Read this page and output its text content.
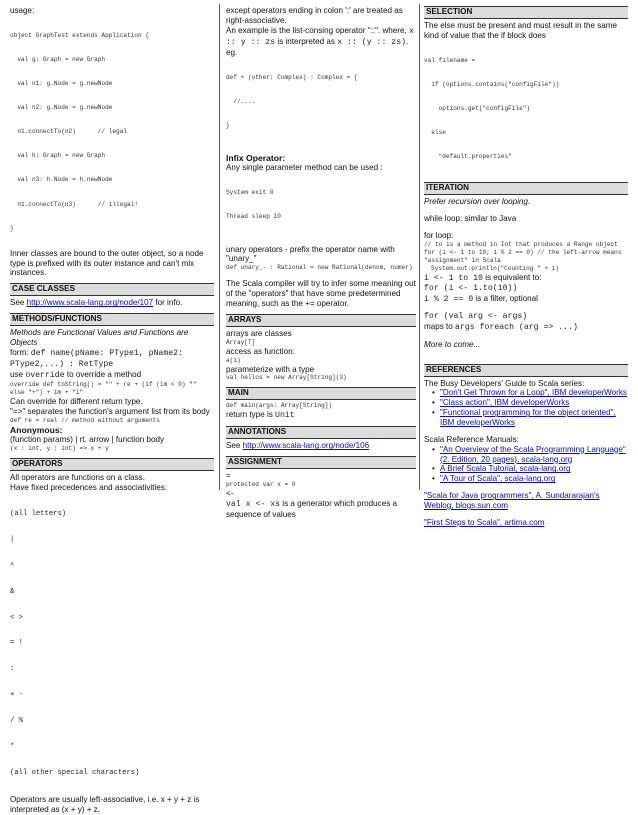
usage:

object GraphTest extends Application {

val g: Graph = new Graph

val n1: g.Node = g.newNode

val n2: g.Node = g.newNode

n1.connectTo(n2)      // legal

val h: Graph = new Graph

val n3: h.Node = h.newNode

n1.connectTo(n3)      // illegal!

}

Inner classes are bound to the outer object, so a node type is prefixed with its outer instance and can't mix instances.

CASE CLASSES

See http://www.scala-lang.org/node/107 for info.

METHODS/FUNCTIONS

Methods are Functional Values and Functions are Objects

form: def name(pName: PType1, pName2: PType2,...) : RetType

use override to override a method

override def toString() = "" + re + (if (im < 0) "" else "+") + im + "i"

Can override for different return type.

"=>" separates the function's argument list from its body

def re = real // method without arguments

Anonymous:

(function params) | rt. arrow | function body

(x : int, y : int) => x + y
OPERATORS

All operators are functions on a class.

Have fixed precedences and associativities:

(all letters)

|

^

&

< >

= !

:

+ -

/ %

*

(all other special characters)

Operators are usually left-associative, i.e. x + y + z is interpreted as (x + y) + z,

except operators ending in colon ':' are treated as right-associative.

An example is the list-consing operator "::". where, x :: y :: zs is interpreted as x :: (y :: zs).

eg.

def + (other: Complex) : Complex = {

//....

}

Infix Operator:

Any single parameter method can be used :

System exit 0

Thread sleep 10

unary operators - prefix the operator name with "unary_"

def unary_- : Rational = new Rational(denom, numer)

The Scala compiler will try to infer some meaning out of the "operators" that have some predetermined meaning, such as the += operator.

ARRAYS

arrays are classes

Array[T]

access as function:

a(i)

parameterize with a type

val hellos = new Array[String](3)
MAIN
def main(args: Array[String])

return type is Unit

ANNOTATIONS

See http://www.scala-lang.org/node/106

ASSIGNMENT

=

protected var x = 0

<-

val x <- xs is a generator which produces a sequence of values

SELECTION

The else must be present and must result in the same kind of value that the if block does

val filename =

if (options.contains("configFile"))

options.get("configFile")

else

"default.properties"

ITERATION

Prefer recursion over looping.

while loop: similar to Java

for loop:

// to is a method in Int that produces a Range object
for (i <- 1 to 10; i % 2 == 0) // the left-arrow means "assignment" in Scala
System.out.println("Counting " + i)

i <- 1 to 10 is equivalent to:

for (i <- 1.to(10))

i % 2 == 0 is a filter, optional

for (val arg <- args)

maps to args foreach (arg => ...)

More to come...

REFERENCES

The Busy Developers' Guide to Scala series:

• "Don't Get Thrown for a Loop", IBM developerWorks
• "Class action", IBM developerWorks
• "Functional programming for the object oriented", IBM developerWorks

Scala Reference Manuals:

• "An Overview of the Scala Programming Language" (2. Edition, 20 pages), scala-lang.org
• A Brief Scala Tutorial, scala-lang.org
• "A Tour of Scala", scala-lang.org

"Scala for Java programmers", A. Sundararajan's Weblog, blogs.sun.com

"First Steps to Scala", artima.com
